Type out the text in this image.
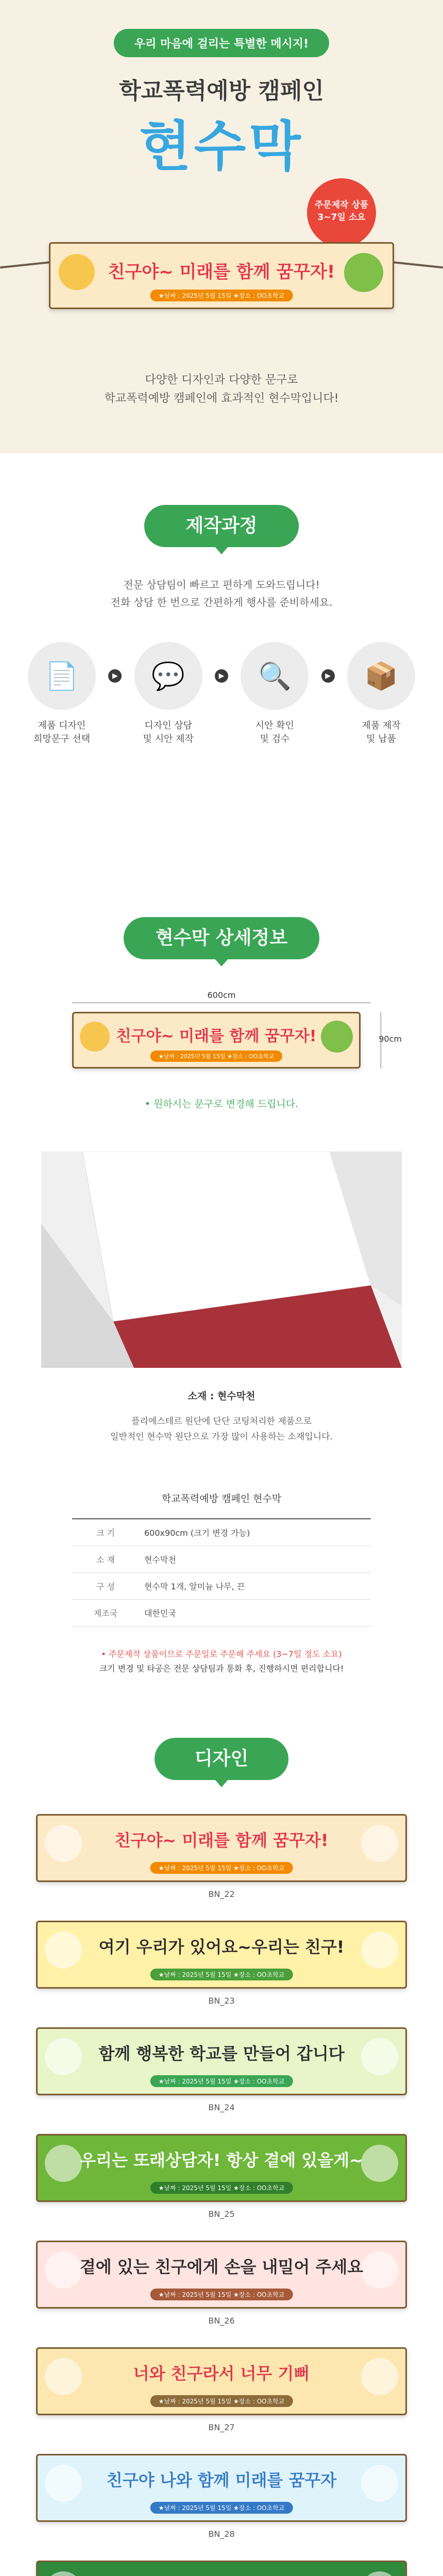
우리 마음에 걸리는 특별한 메시지!
학교폭력예방 캠페인
현수막
주문제작 상품
3~7일 소요
친구야~ 미래를 함께 꿈꾸자!
★날짜 : 2025년 5월 15일 ★장소 : OO초학교
다양한 디자인과 다양한 문구로
학교폭력예방 캠페인에 효과적인 현수막입니다!
제작과정
전문 상담팀이 빠르고 편하게 도와드립니다!
전화 상담 한 번으로 간편하게 행사를 준비하세요.
📄
제품 디자인
희망문구 선택
▶	💬
디자인 상담
및 시안 제작
▶	🔍
시안 확인
및 검수
▶	📦
제품 제작
및 납품
현수막 상세정보
600cm
90cm
친구야~ 미래를 함께 꿈꾸자!
★날짜 : 2025년 5월 15일 ★장소 : OO초학교
• 원하시는 문구로 변경해 드립니다.
소재 : 현수막천
플리에스테르 원단에 단단 코팅처리한 제품으로
일반적인 현수막 원단으로 가장 많이 사용하는 소재입니다.
학교폭력예방 캠페인 현수막
크 기	600x90cm (크기 변경 가능)
소 재	현수막천
구 성	현수막 1개, 알미늄 나무, 끈
제조국	대한민국
• 주문제작 상품이므로 주문일로 주문해 주세요 (3~7일 정도 소요)
크기 변경 및 타공은 전문 상담팀과 통화 후, 진행하시면 편리합니다!
디자인
친구야~ 미래를 함께 꿈꾸자!
★날짜 : 2025년 5월 15일 ★장소 : OO초학교
BN_22
여기 우리가 있어요~우리는 친구!
★날짜 : 2025년 5월 15일 ★장소 : OO초학교
BN_23
함께 행복한 학교를 만들어 갑니다
★날짜 : 2025년 5월 15일 ★장소 : OO초학교
BN_24
우리는 또래상담자! 항상 곁에 있을게~
★날짜 : 2025년 5월 15일 ★장소 : OO초학교
BN_25
곁에 있는 친구에게 손을 내밀어 주세요
★날짜 : 2025년 5월 15일 ★장소 : OO초학교
BN_26
너와 친구라서 너무 기뻐
★날짜 : 2025년 5월 15일 ★장소 : OO초학교
BN_27
친구야 나와 함께 미래를 꿈꾸자
★날짜 : 2025년 5월 15일 ★장소 : OO초학교
BN_28
